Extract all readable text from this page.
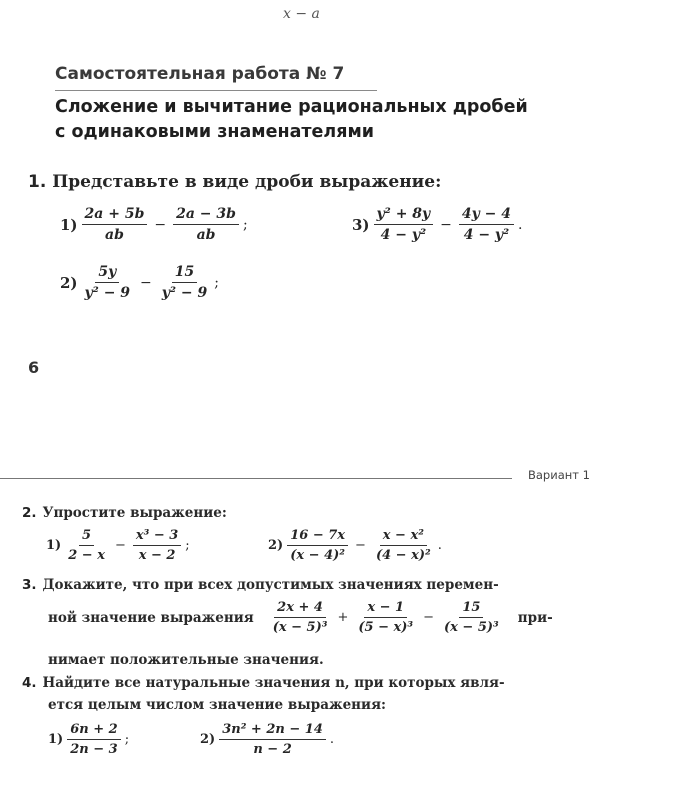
x − a
Самостоятельная работа № 7
Сложение и вычитание рациональных дробей
с одинаковыми знаменателями
1. Представьте в виде дроби выражение:
$1) \frac{2a + 5b}{ab} - \frac{2a - 3b}{ab}$ ;
$2) \frac{5y}{\text{y² − 9}} - \frac{15}{\text{y² − 9}}$ ;
$3) \frac{\text{y² + 8y}}{\text{4 − y²}} - \frac{4y - 4}{\text{4 − y²}}$ .
6
Вариант 1
2. Упростите выражение:
$1) \frac{5}{2 - x} - \frac{\text{x³ − 3}}{x - 2}$ ;	$2) \frac{16 - 7x}{\text{(x − 4)²}} - \frac{\text{x − x²}}{\text{(4 − x)²}}$ .
3. Докажите, что при всех допустимых значениях перемен-
ной значение выражения $\frac{2x + 4}{\text{(x − 5)³}} + \frac{x - 1}{\text{(5 − x)³}} - \frac{15}{\text{(x − 5)³}} при-$
нимает положительные значения.
4. Найдите все натуральные значения n, при которых явля-
ется целым числом значение выражения:
$1) \frac{6n + 2}{2n - 3}$ ;	$2) \frac{\text{3n² + 2n − 14}}{n - 2}$ .
